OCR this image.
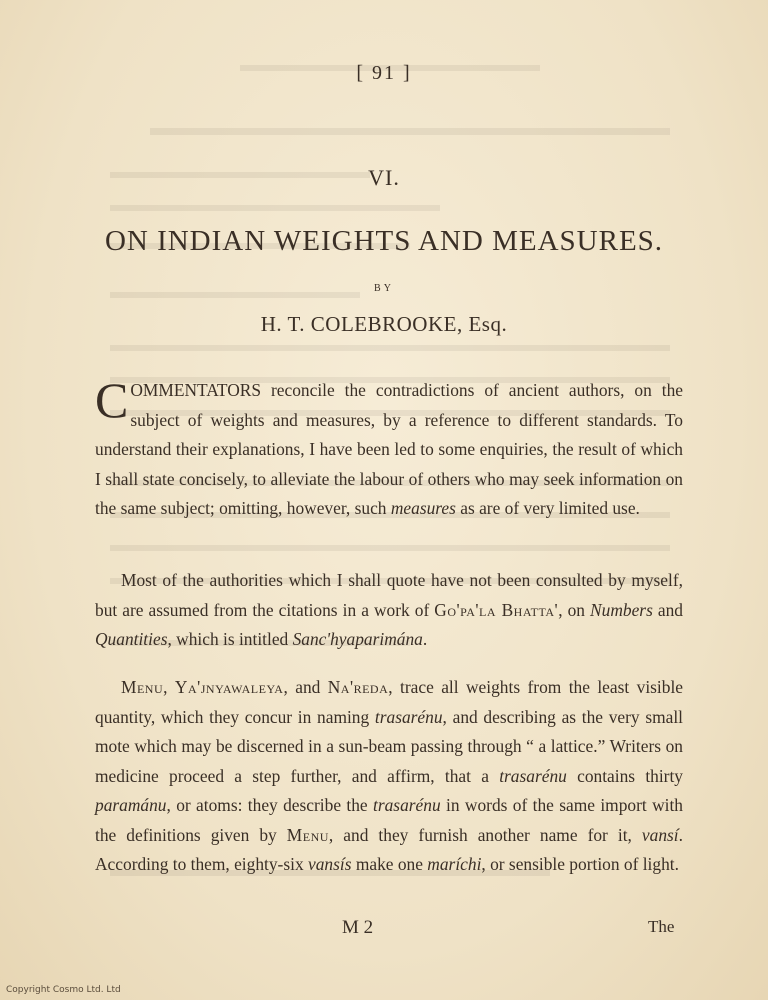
[ 91 ]
VI.
ON INDIAN WEIGHTS AND MEASURES.
BY
H. T. COLEBROOKE, Esq.
COMMENTATORS reconcile the contradictions of ancient authors, on the subject of weights and measures, by a reference to different standards. To understand their explanations, I have been led to some enquiries, the result of which I shall state concisely, to alleviate the labour of others who may seek information on the same subject; omitting, however, such measures as are of very limited use.
Most of the authorities which I shall quote have not been consulted by myself, but are assumed from the citations in a work of Go'pa'la Bhatta', on Numbers and Quantities, which is intitled Sanc'hyaparimána.
Menu, Ya'jnyawaleya, and Na'reda, trace all weights from the least visible quantity, which they concur in naming trasarénu, and describing as the very small mote which may be discerned in a sun-beam passing through “ a lattice.” Writers on medicine proceed a step further, and affirm, that a trasarénu contains thirty paramánu, or atoms: they describe the trasarénu in words of the same import with the definitions given by Menu, and they furnish another name for it, vansí. According to them, eighty-six vansís make one maríchi, or sensible portion of light.
M 2	The
Copyright Cosmo Ltd. Ltd
